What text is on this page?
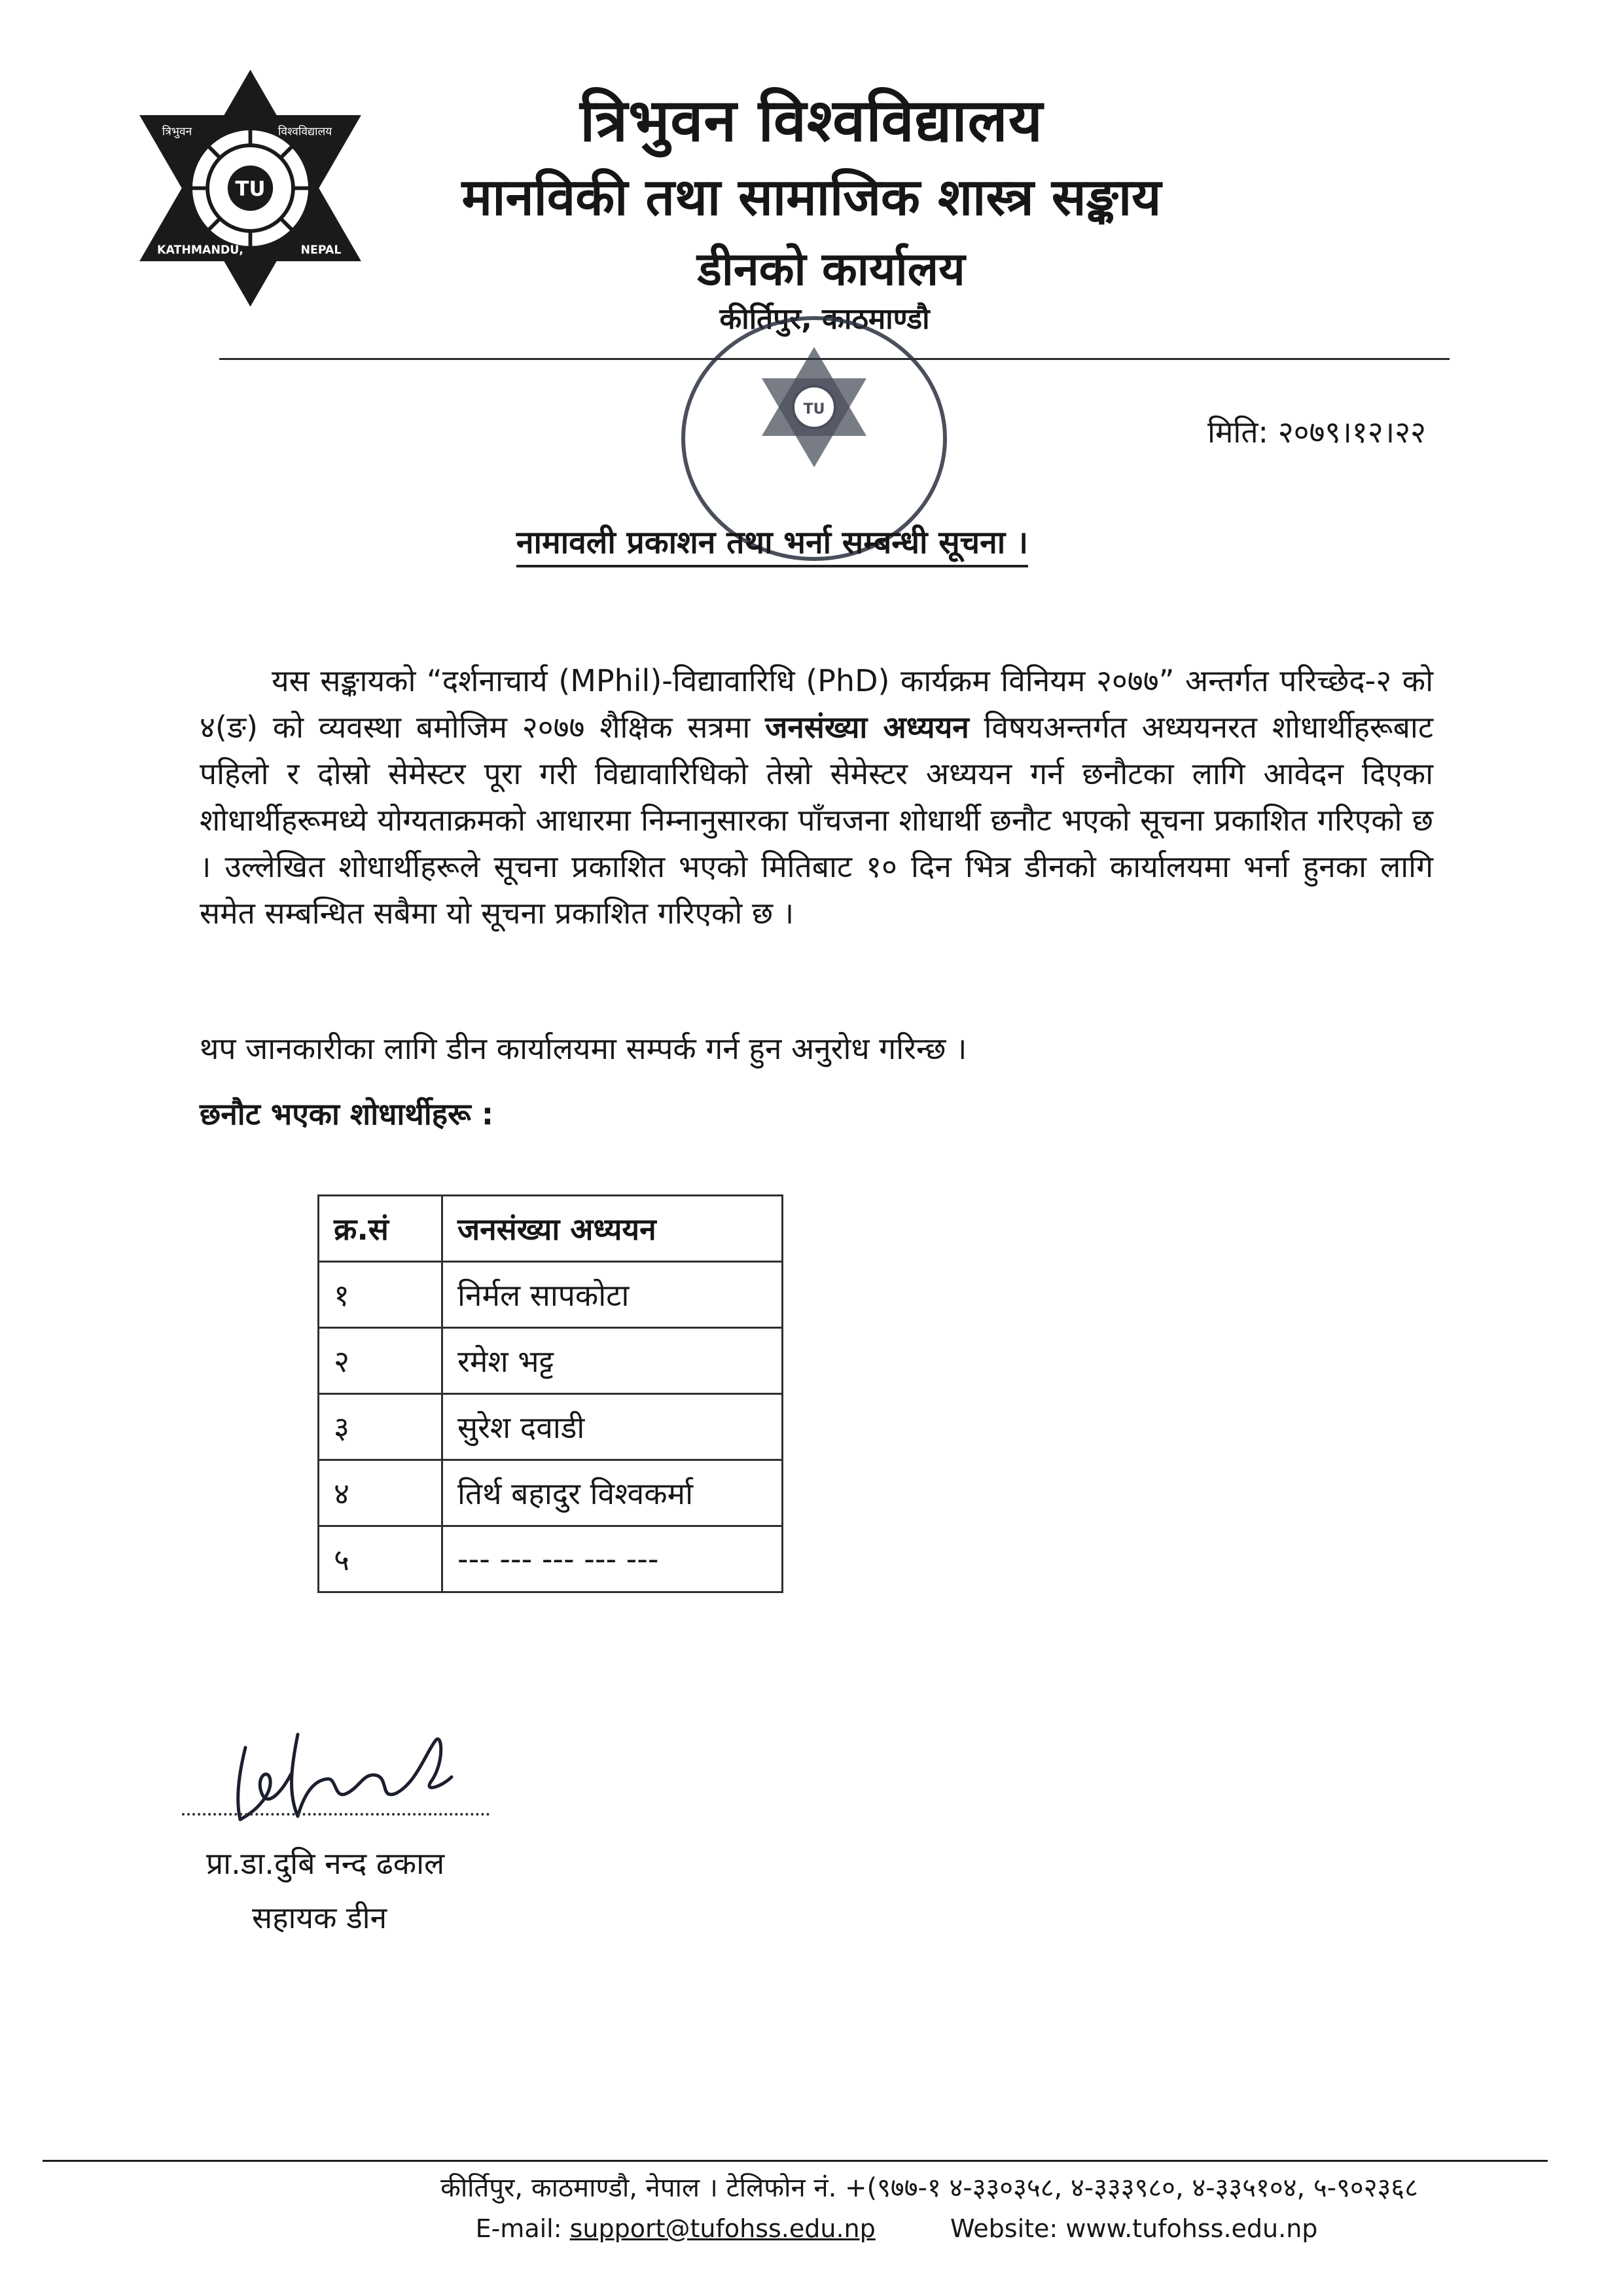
TU
त्रिभुवन	विश्वविद्यालय
KATHMANDU,	NEPAL
त्रिभुवन विश्वविद्यालय
मानविकी तथा सामाजिक शास्त्र सङ्काय
डीनको कार्यालय
कीर्तिपुर, काठमाण्डौ
TU
मिति: २०७९।१२।२२
नामावली प्रकाशन तथा भर्ना सम्बन्धी सूचना ।
यस सङ्कायको “दर्शनाचार्य (MPhil)-विद्यावारिधि (PhD) कार्यक्रम विनियम २०७७” अन्तर्गत परिच्छेद-२ को ४(ङ) को व्यवस्था बमोजिम २०७७ शैक्षिक सत्रमा जनसंख्या अध्ययन विषयअन्तर्गत अध्ययनरत शोधार्थीहरूबाट पहिलो र दोस्रो सेमेस्टर पूरा गरी विद्यावारिधिको तेस्रो सेमेस्टर अध्ययन गर्न छनौटका लागि आवेदन दिएका शोधार्थीहरूमध्ये योग्यताक्रमको आधारमा निम्नानुसारका पाँचजना शोधार्थी छनौट भएको सूचना प्रकाशित गरिएको छ । उल्लेखित शोधार्थीहरूले सूचना प्रकाशित भएको मितिबाट १० दिन भित्र डीनको कार्यालयमा भर्ना हुनका लागि समेत सम्बन्धित सबैमा यो सूचना प्रकाशित गरिएको छ ।
थप जानकारीका लागि डीन कार्यालयमा सम्पर्क गर्न हुन अनुरोध गरिन्छ ।
छनौट भएका शोधार्थीहरू :
क्र.सं	जनसंख्या अध्ययन
१	निर्मल सापकोटा
२	रमेश भट्ट
३	सुरेश दवाडी
४	तिर्थ बहादुर विश्वकर्मा
५	--- --- --- --- ---
प्रा.डा.दुबि नन्द ढकाल
सहायक डीन
कीर्तिपुर, काठमाण्डौ, नेपाल । टेलिफोन नं. +(९७७-१ ४-३३०३५८, ४-३३३९८०, ४-३३५१०४, ५-९०२३६८
E-mail: support@tufohss.edu.np	Website: www.tufohss.edu.np
